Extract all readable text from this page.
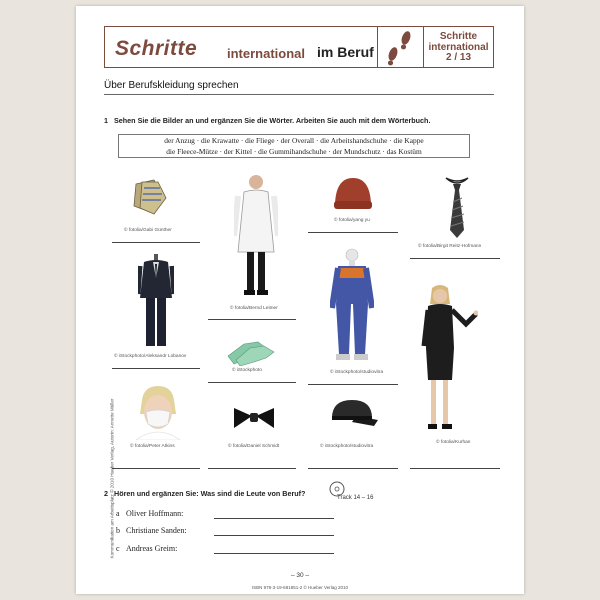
Schritte international im Beruf
Schritte
international
2 / 13
Über Berufskleidung sprechen
1 Sehen Sie die Bilder an und ergänzen Sie die Wörter. Arbeiten Sie auch mit dem Wörterbuch.
der Anzug · die Krawatte · die Fliege · der Overall · die Arbeitshandschuhe · die Kappe
die Fleece-Mütze · der Kittel · die Gummihandschuhe · der Mundschutz · das Kostüm
© fotolia/Gabi Günther
© fotolia/Bernd Leitner
© fotolia/yang yu
© fotolia/Birgit Reitz-Hofmann
© iStockphoto/Aleksandr Lobanov
© iStockphoto/studiovitra
© iStockphoto
© fotolia/Kurhan
© fotolia/Peter Atkins	© fotolia/Daniel Schmidt	© iStockphoto/studiovitra
2 Hören und ergänzen Sie: Was sind die Leute von Beruf?	Track 14 – 16
a Oliver Hoffmann:
b Christiane Sanden:
c Andreas Greim:
– 30 –
ISBN 978-3-19-681851-2 © Hueber Verlag 2010
Kommunikation am Arbeitsplatz © 2010 Hueber Verlag, Autorin: Annette Müller
